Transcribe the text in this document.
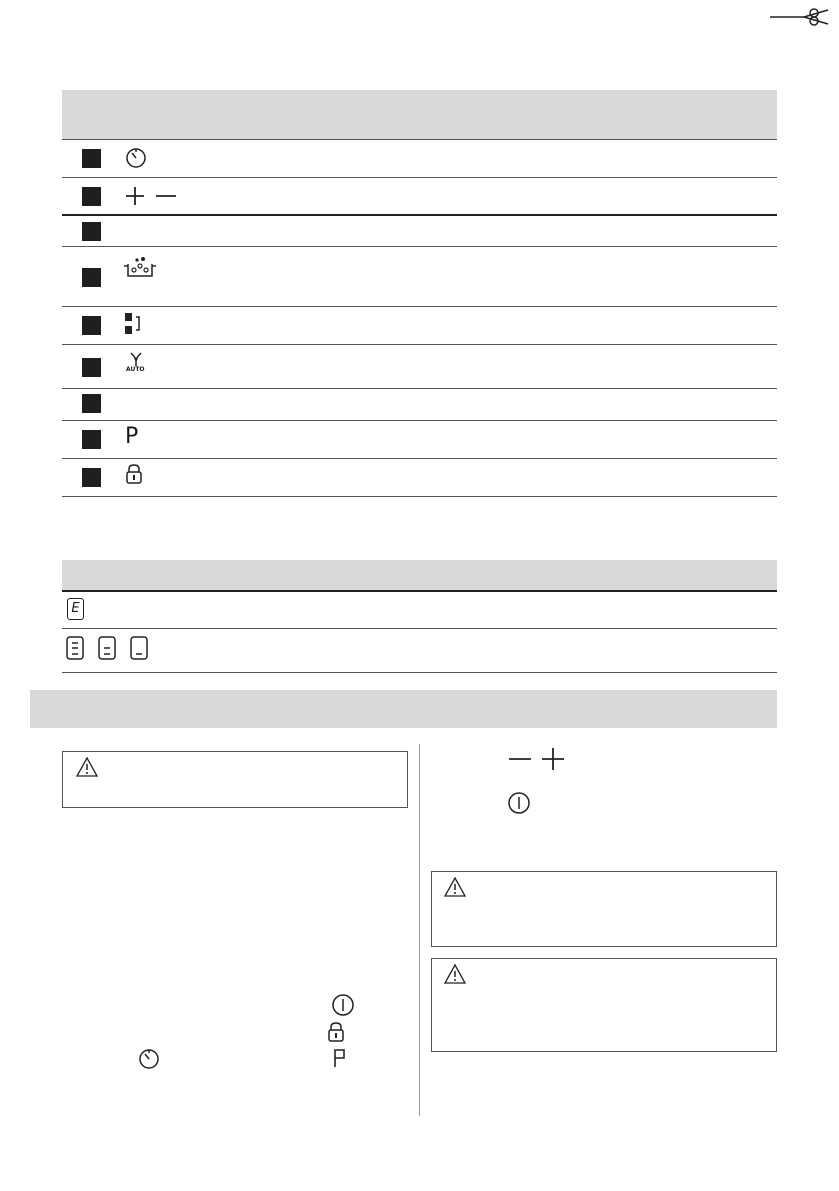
AUTO
P
E
